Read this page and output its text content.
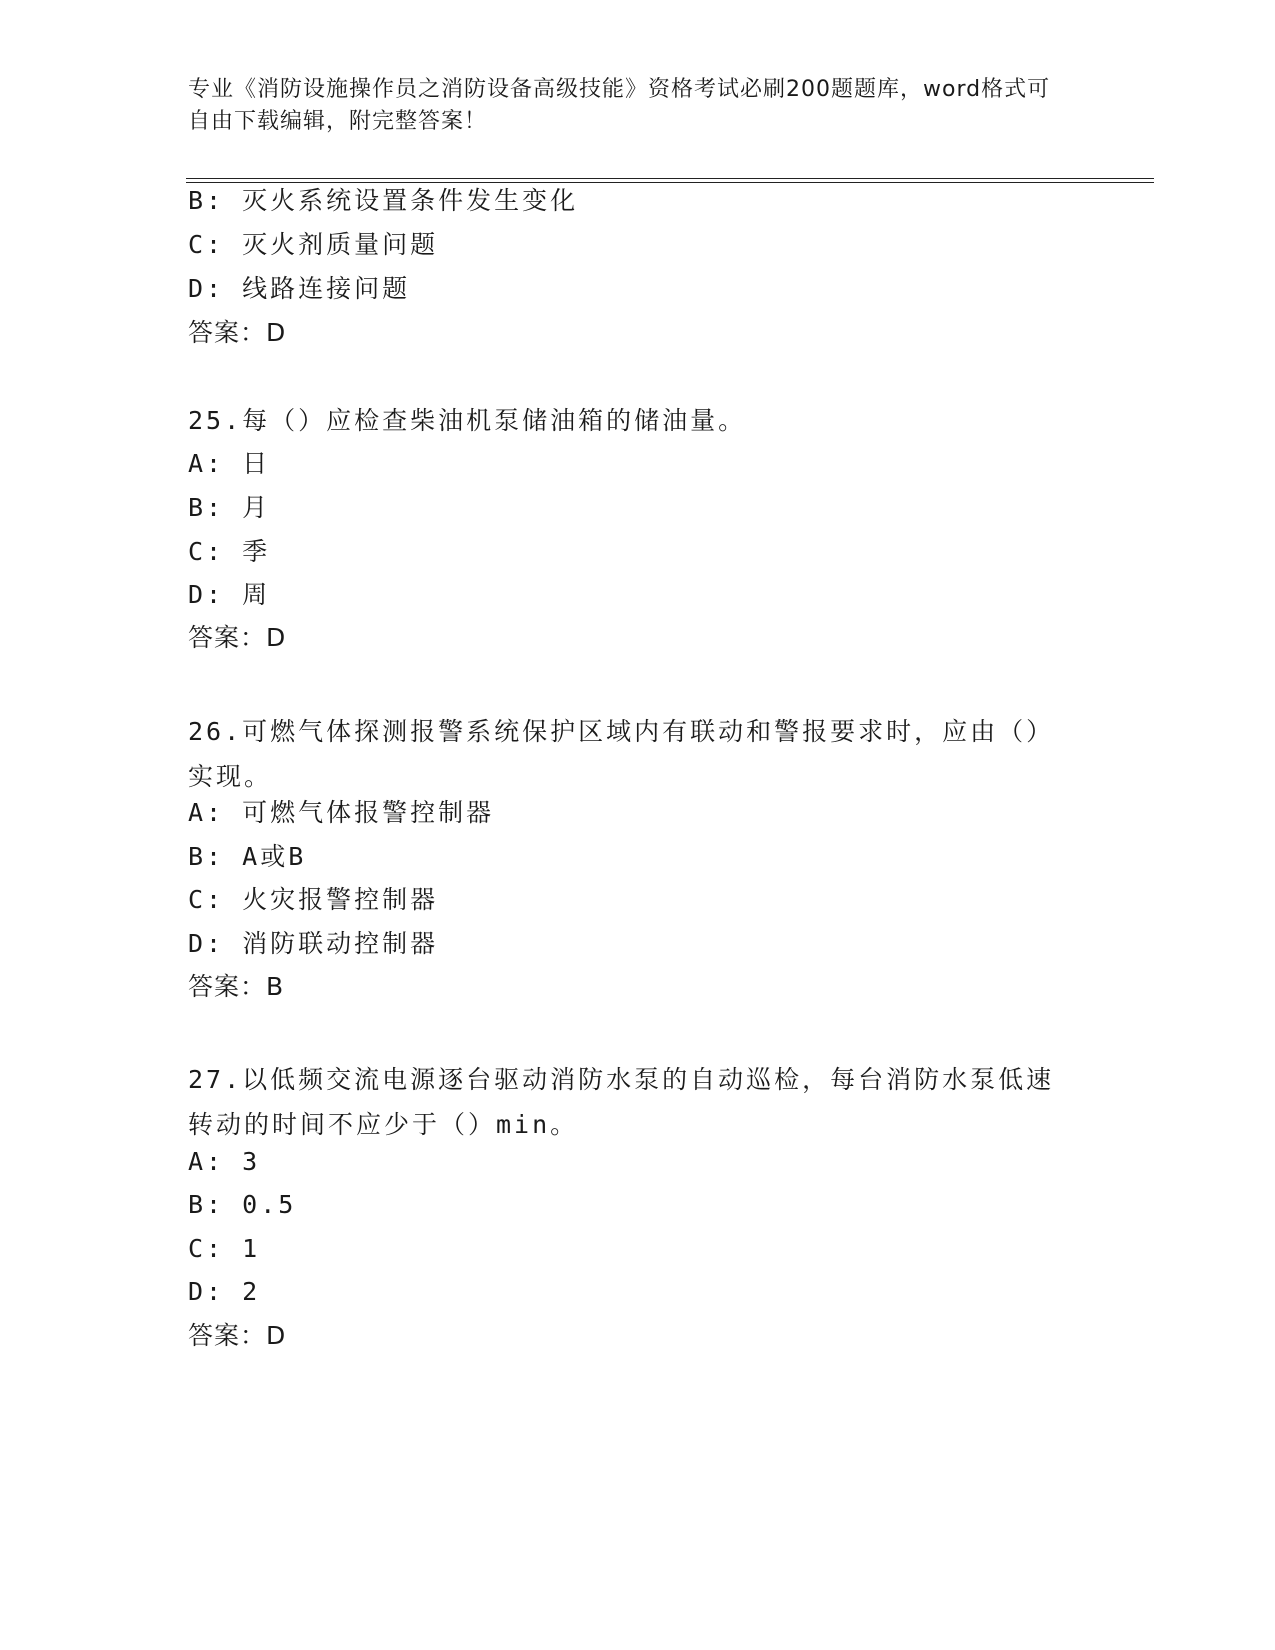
专业《消防设施操作员之消防设备高级技能》资格考试必刷200题题库，word格式可自由下载编辑，附完整答案！
B: 灭火系统设置条件发生变化
C: 灭火剂质量问题
D: 线路连接问题
答案：D
25.每（）应检查柴油机泵储油箱的储油量。
A: 日
B: 月
C: 季
D: 周
答案：D
26.可燃气体探测报警系统保护区域内有联动和警报要求时，应由（）实现。
A: 可燃气体报警控制器
B: A或B
C: 火灾报警控制器
D: 消防联动控制器
答案：B
27.以低频交流电源逐台驱动消防水泵的自动巡检，每台消防水泵低速转动的时间不应少于（）min。
A: 3
B: 0.5
C: 1
D: 2
答案：D
